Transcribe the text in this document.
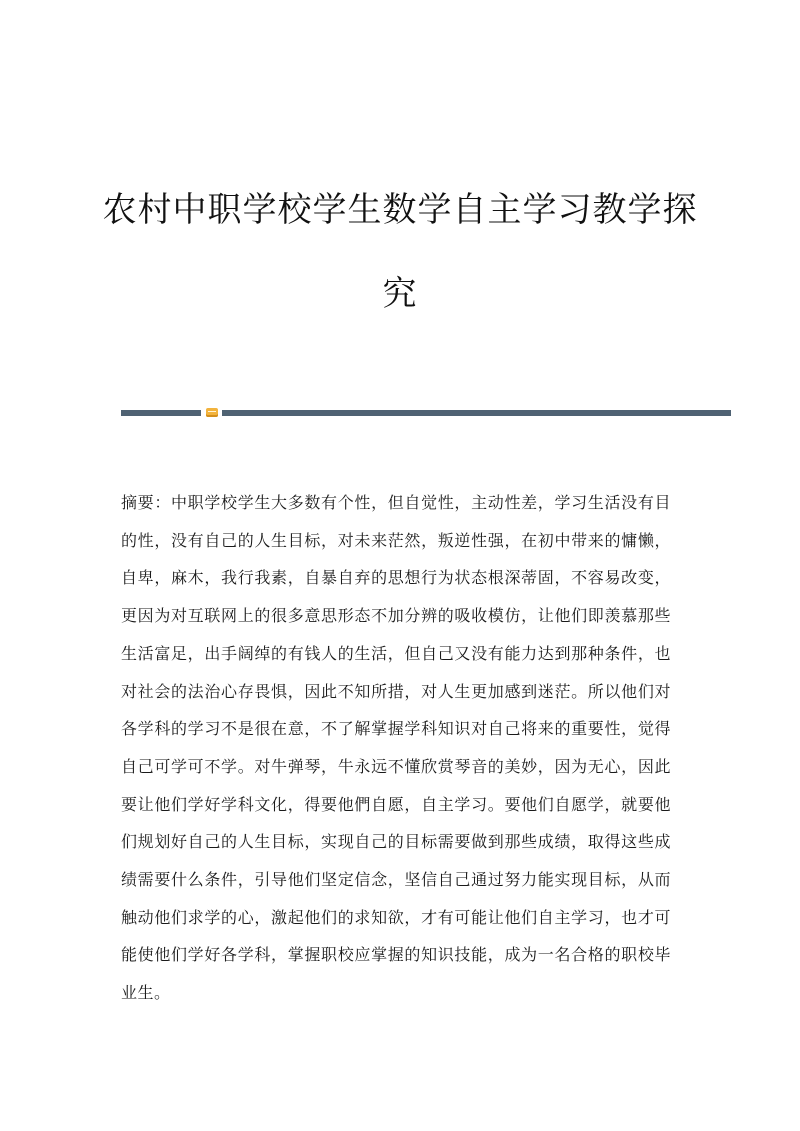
农村中职学校学生数学自主学习教学探
究

摘要：中职学校学生大多数有个性，但自觉性，主动性差，学习生活没有目的性，没有自己的人生目标，对未来茫然，叛逆性强，在初中带来的慵懒，自卑，麻木，我行我素，自暴自弃的思想行为状态根深蒂固，不容易改变，更因为对互联网上的很多意思形态不加分辨的吸收模仿，让他们即羡慕那些生活富足，出手阔绰的有钱人的生活，但自己又没有能力达到那种条件，也对社会的法治心存畏惧，因此不知所措，对人生更加感到迷茫。所以他们对各学科的学习不是很在意，不了解掌握学科知识对自己将来的重要性，觉得自己可学可不学。对牛弹琴，牛永远不懂欣赏琴音的美妙，因为无心，因此要让他们学好学科文化，得要他們自愿，自主学习。要他们自愿学，就要他们规划好自己的人生目标，实现自己的目标需要做到那些成绩，取得这些成绩需要什么条件，引导他们坚定信念，坚信自己通过努力能实现目标，从而触动他们求学的心，激起他们的求知欲，才有可能让他们自主学习，也才可能使他们学好各学科，掌握职校应掌握的知识技能，成为一名合格的职校毕业生。
